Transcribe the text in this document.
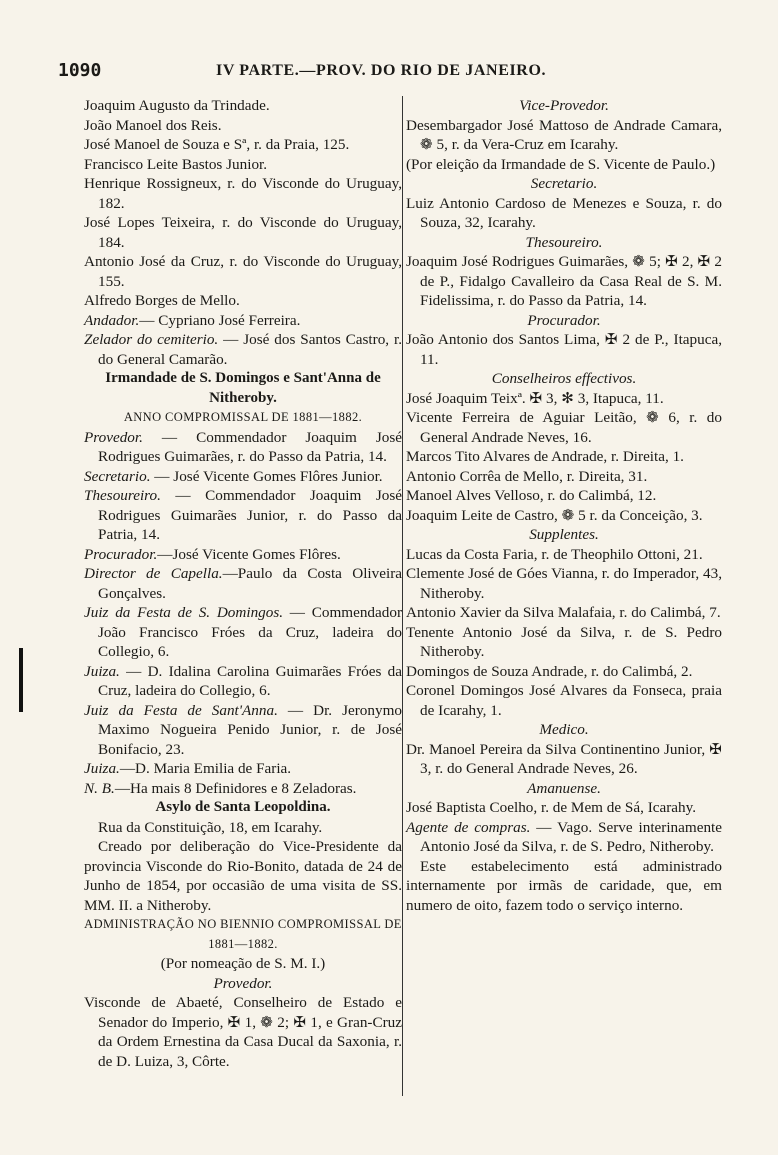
1090	IV PARTE.—PROV. DO RIO DE JANEIRO.

Joaquim Augusto da Trindade.

João Manoel dos Reis.

José Manoel de Souza e Sª, r. da Praia, 125.

Francisco Leite Bastos Junior.

Henrique Rossigneux, r. do Visconde do Uruguay, 182.

José Lopes Teixeira, r. do Visconde do Uruguay, 184.

Antonio José da Cruz, r. do Visconde do Uruguay, 155.

Alfredo Borges de Mello.

Andador.— Cypriano José Ferreira.

Zelador do cemiterio. — José dos Santos Castro, r. do General Camarão.

Irmandade de S. Domingos e Sant'Anna de Nitheroby.

ANNO COMPROMISSAL DE 1881—1882.

Provedor. — Commendador Joaquim José Rodrigues Guimarães, r. do Passo da Patria, 14.

Secretario. — José Vicente Gomes Flôres Junior.

Thesoureiro. — Commendador Joaquim José Rodrigues Guimarães Junior, r. do Passo da Patria, 14.

Procurador.—José Vicente Gomes Flôres.

Director de Capella.—Paulo da Costa Oliveira Gonçalves.

Juiz da Festa de S. Domingos. — Commendador João Francisco Fróes da Cruz, ladeira do Collegio, 6.

Juiza. — D. Idalina Carolina Guimarães Fróes da Cruz, ladeira do Collegio, 6.

Juiz da Festa de Sant'Anna. — Dr. Jeronymo Maximo Nogueira Penido Junior, r. de José Bonifacio, 23.

Juiza.—D. Maria Emilia de Faria.

N. B.—Ha mais 8 Definidores e 8 Zeladoras.

Asylo de Santa Leopoldina.

Rua da Constituição, 18, em Icarahy.

Creado por deliberação do Vice-Presidente da provincia Visconde do Rio-Bonito, datada de 24 de Junho de 1854, por occasião de uma visita de SS. MM. II. a Nitheroby.

ADMINISTRAÇÃO NO BIENNIO COMPROMISSAL DE 1881—1882.

(Por nomeação de S. M. I.)

Provedor.

Visconde de Abaeté, Conselheiro de Estado e Senador do Imperio, ✠ 1, ❁ 2; ✠ 1, e Gran-Cruz da Ordem Ernestina da Casa Ducal da Saxonia, r. de D. Luiza, 3, Côrte.

Vice-Provedor.

Desembargador José Mattoso de Andrade Camara, ❁ 5, r. da Vera-Cruz em Icarahy.

(Por eleição da Irmandade de S. Vicente de Paulo.)

Secretario.

Luiz Antonio Cardoso de Menezes e Souza, r. do Souza, 32, Icarahy.

Thesoureiro.

Joaquim José Rodrigues Guimarães, ❁ 5; ✠ 2, ✠ 2 de P., Fidalgo Cavalleiro da Casa Real de S. M. Fidelissima, r. do Passo da Patria, 14.

Procurador.

João Antonio dos Santos Lima, ✠ 2 de P., Itapuca, 11.

Conselheiros effectivos.

José Joaquim Teixª. ✠ 3, ✻ 3, Itapuca, 11.

Vicente Ferreira de Aguiar Leitão, ❁ 6, r. do General Andrade Neves, 16.

Marcos Tito Alvares de Andrade, r. Direita, 1.

Antonio Corrêa de Mello, r. Direita, 31.

Manoel Alves Velloso, r. do Calimbá, 12.

Joaquim Leite de Castro, ❁ 5 r. da Conceição, 3.

Supplentes.

Lucas da Costa Faria, r. de Theophilo Ottoni, 21.

Clemente José de Góes Vianna, r. do Imperador, 43, Nitheroby.

Antonio Xavier da Silva Malafaia, r. do Calimbá, 7.

Tenente Antonio José da Silva, r. de S. Pedro Nitheroby.

Domingos de Souza Andrade, r. do Calimbá, 2.

Coronel Domingos José Alvares da Fonseca, praia de Icarahy, 1.

Medico.

Dr. Manoel Pereira da Silva Continentino Junior, ✠ 3, r. do General Andrade Neves, 26.

Amanuense.

José Baptista Coelho, r. de Mem de Sá, Icarahy.

Agente de compras. — Vago. Serve interinamente Antonio José da Silva, r. de S. Pedro, Nitheroby.

Este estabelecimento está administrado internamente por irmãs de caridade, que, em numero de oito, fazem todo o serviço interno.
